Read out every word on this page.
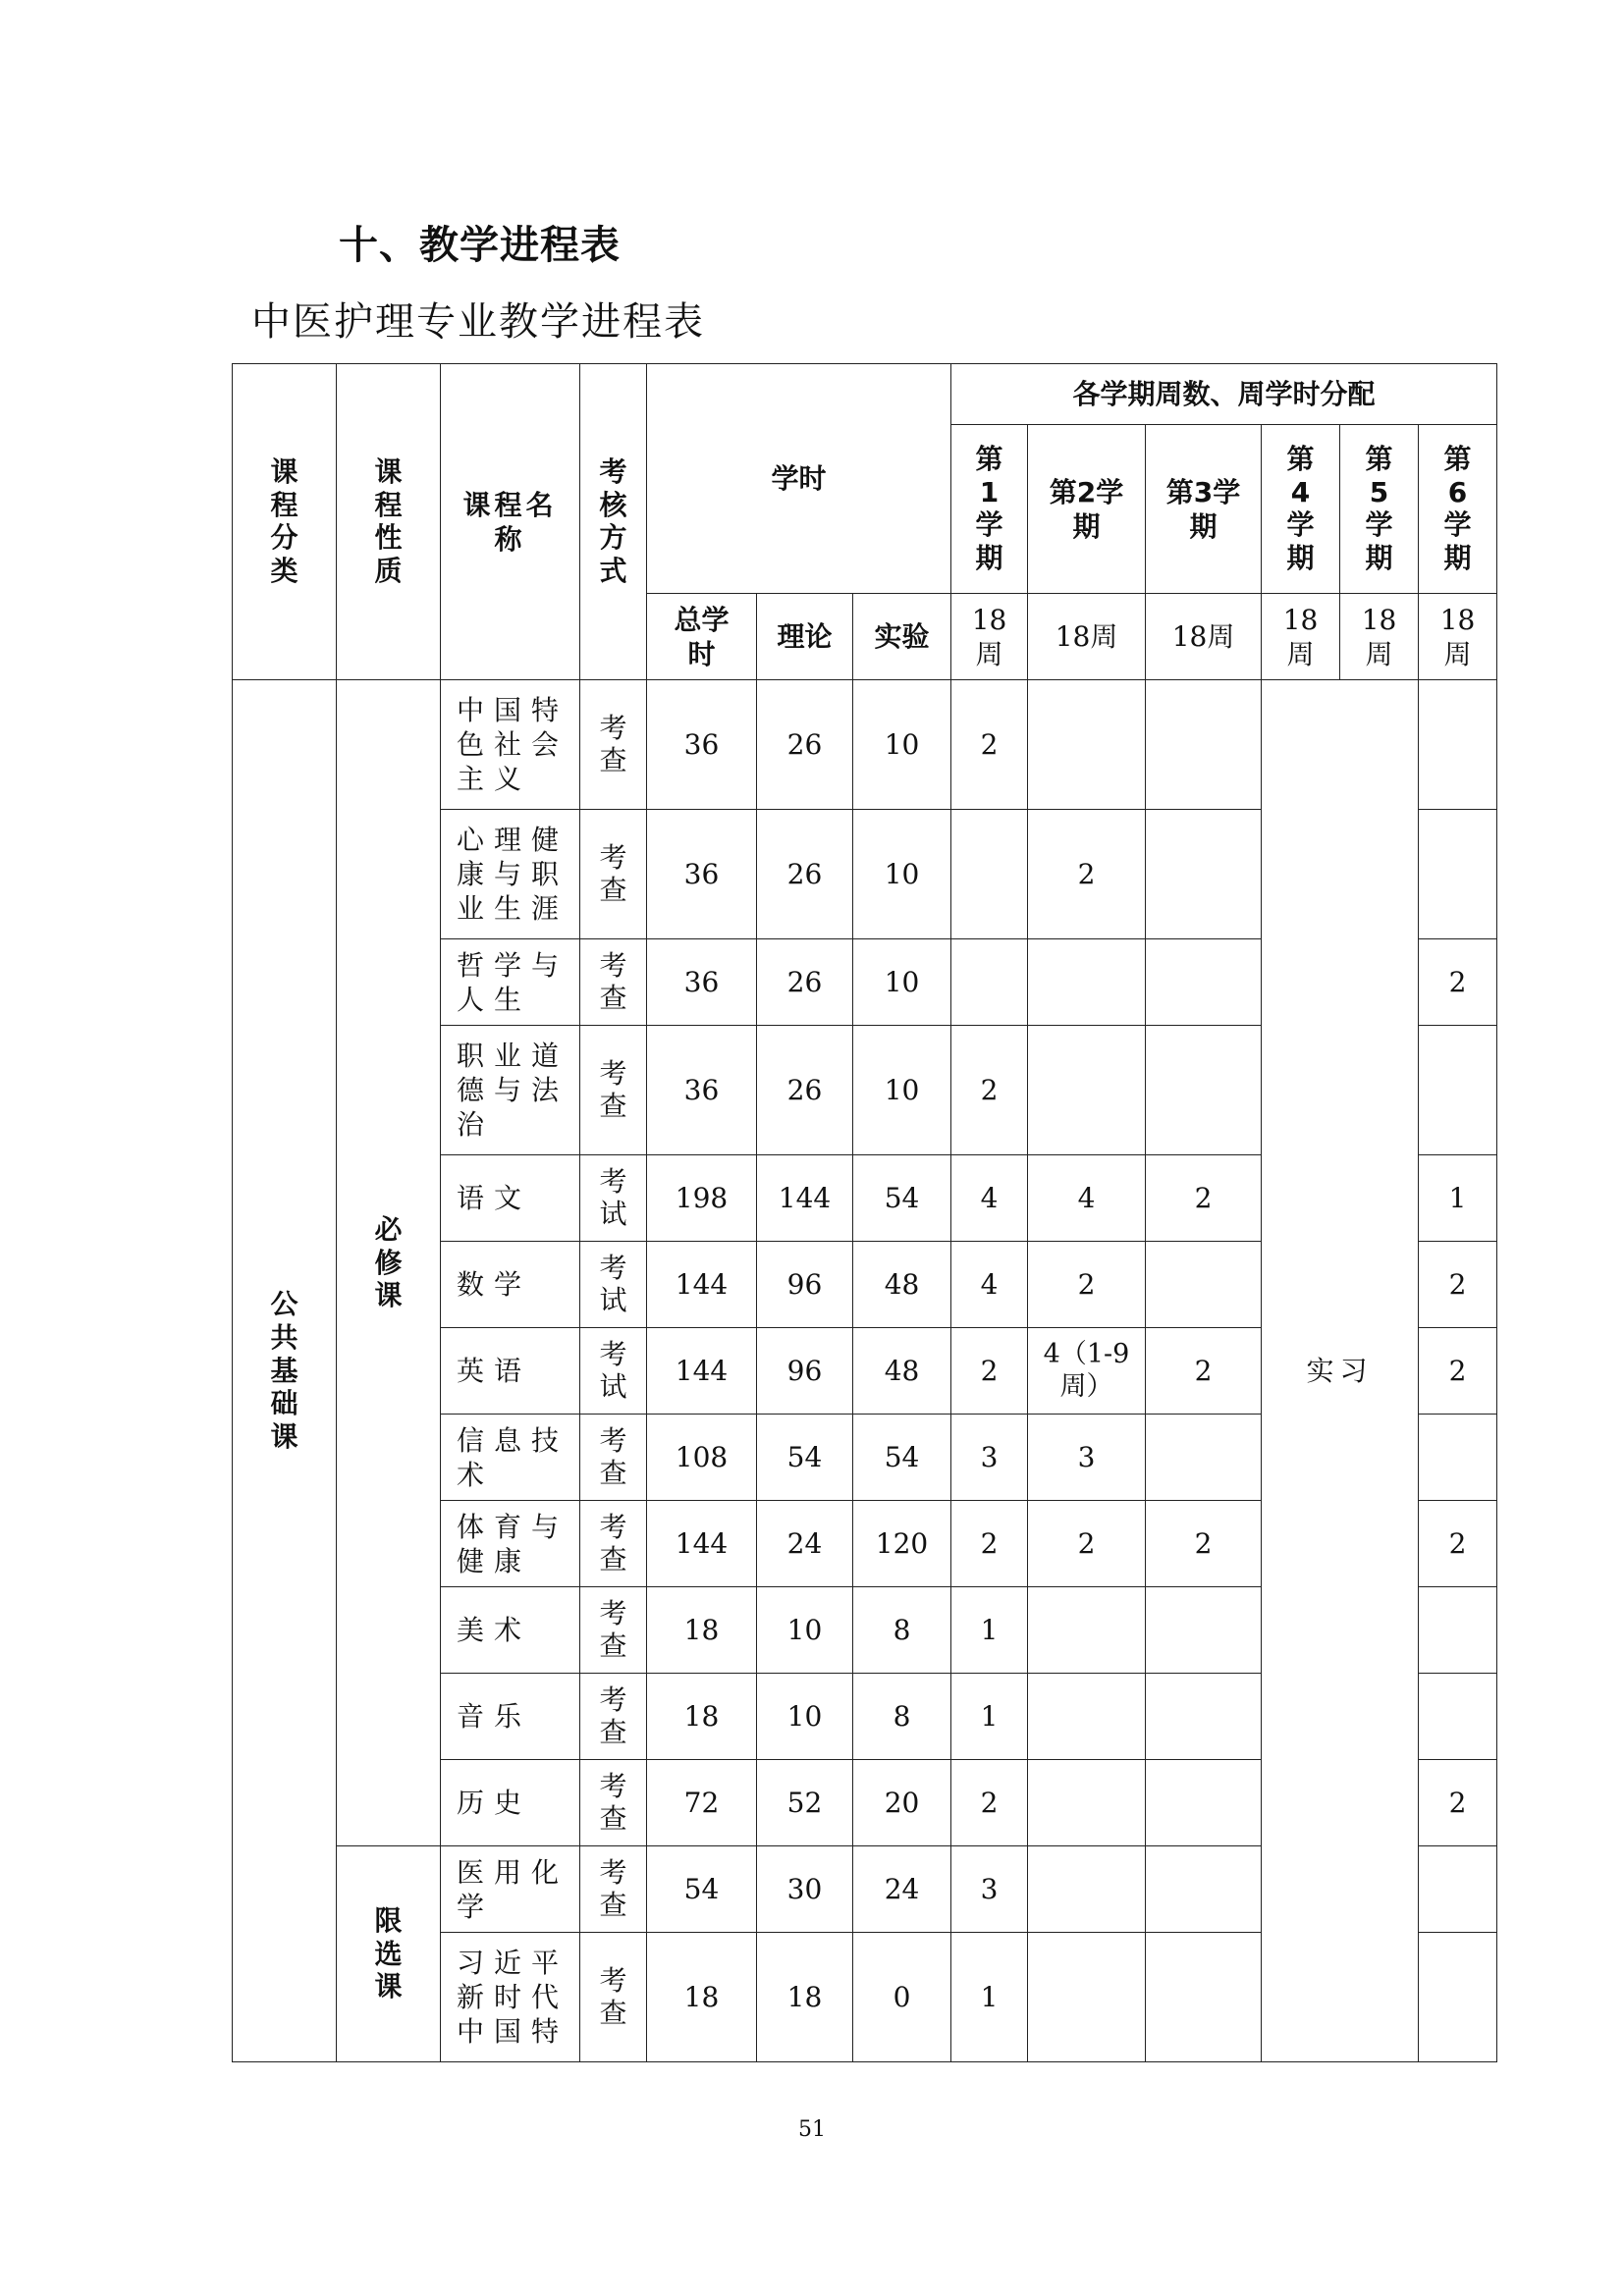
十、教学进程表
中医护理专业教学进程表
课程分类	课程性质	课程名称	考核方式	学时			各学期周数、周学时分配					
							第1学期	第2学期	第3学期	第4学期	第5学期	第6学期
				总学时	理论	实验	18周	18周	18周	18周	18周	18周
公共基础课	必修课	中国特色社会主义	考查	36	26	10	2			实习		
		心理健康与职业生涯	考查	36	26	10		2				
		哲学与人生	考查	36	26	10						2
		职业道德与法治	考查	36	26	10	2					
		语文	考试	198	144	54	4	4	2			1
		数学	考试	144	96	48	4	2				2
		英语	考试	144	96	48	2	4（1-9周）	2			2
		信息技术	考查	108	54	54	3	3				
		体育与健康	考查	144	24	120	2	2	2			2
		美术	考查	18	10	8	1					
		音乐	考查	18	10	8	1					
		历史	考查	72	52	20	2					2
	限选课	医用化学	考查	54	30	24	3					
		习近平新时代中国特	考查	18	18	0	1					
51
